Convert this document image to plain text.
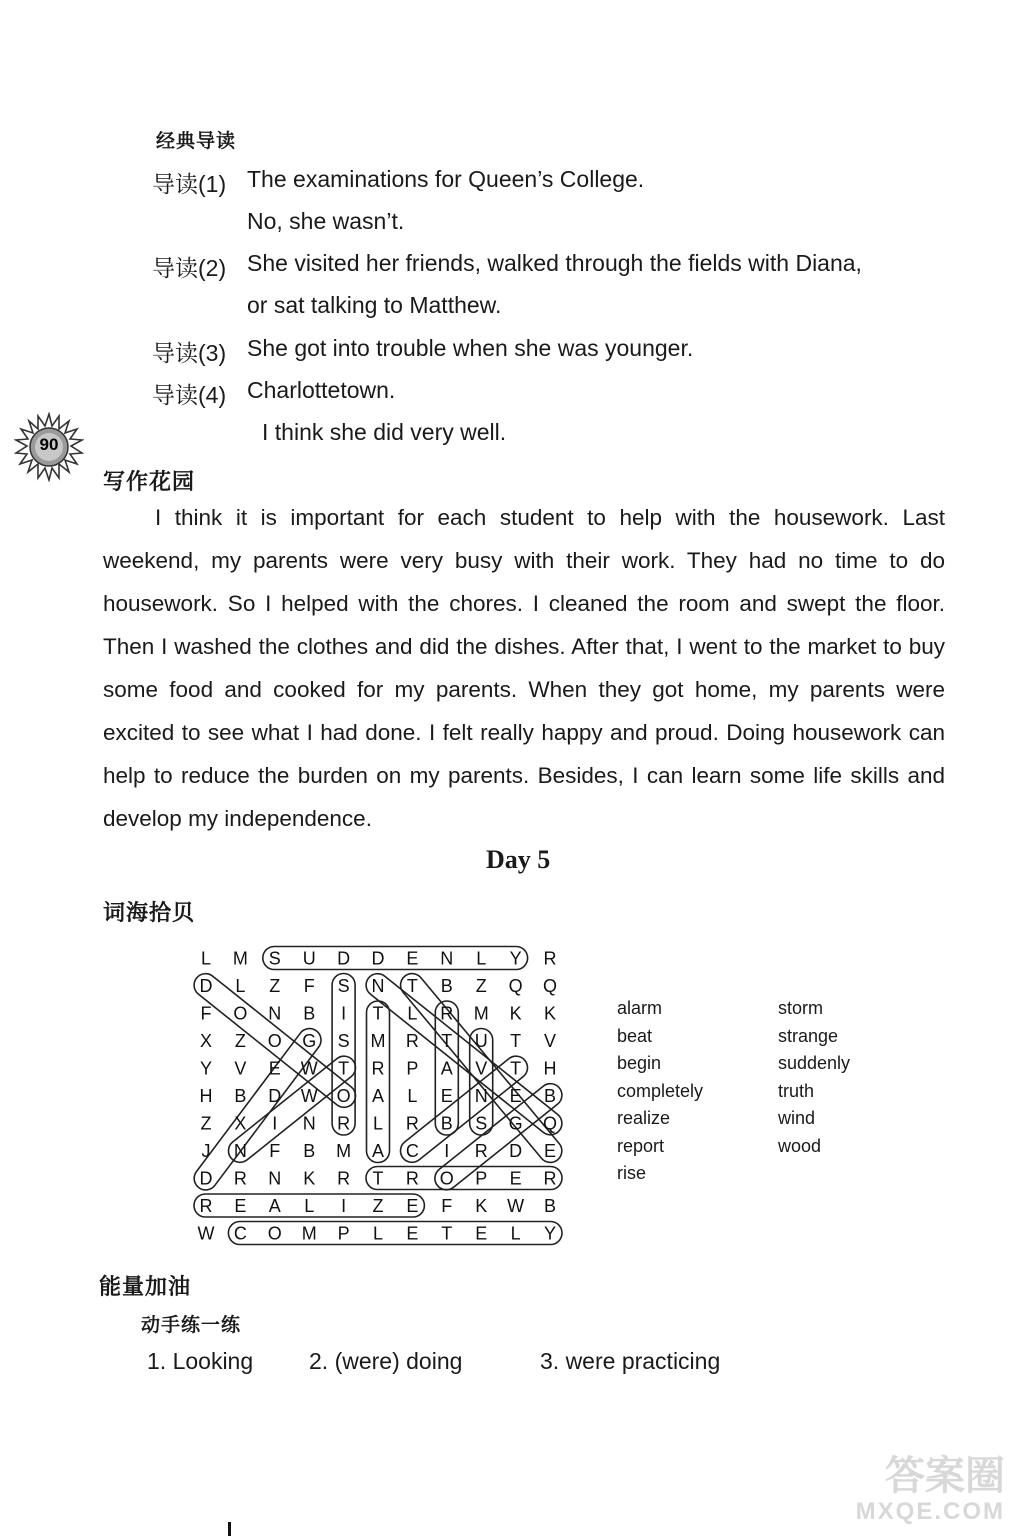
经典导读
导读(1) The examinations for Queen’s College.
No, she wasn’t.
导读(2) She visited her friends, walked through the fields with Diana,
or sat talking to Matthew.
导读(3) She got into trouble when she was younger.
导读(4) Charlottetown.
I think she did very well.
90
写作花园

I think it is important for each student to help with the housework. Last weekend, my parents were very busy with their work. They had no time to do housework. So I helped with the chores. I cleaned the room and swept the floor. Then I washed the clothes and did the dishes. After that, I went to the market to buy some food and cooked for my parents. When they got home, my parents were excited to see what I had done. I felt really happy and proud. Doing housework can help to reduce the burden on my parents. Besides, I can learn some life skills and develop my independence.

Day 5
词海拾贝
L M S U D D E N L Y R
D L Z F S N T B Z Q Q
F O N B I T L R M K K
X Z O G S M R T U T V
Y V E W T R P A V T H
H B D W O A L E N E B
Z X I N R L R B S G Q
J N F B M A C I R D E
D R N K R T R O P E R
R E A L I Z E F K W B
W C O M P L E T E L Y
alarm
beat
begin
completely
realize
report
rise
storm
strange
suddenly
truth
wind
wood
能量加油
动手练一练
1. Looking 2. (were) doing	3. were practicing
答案圈
MXQE.COM
